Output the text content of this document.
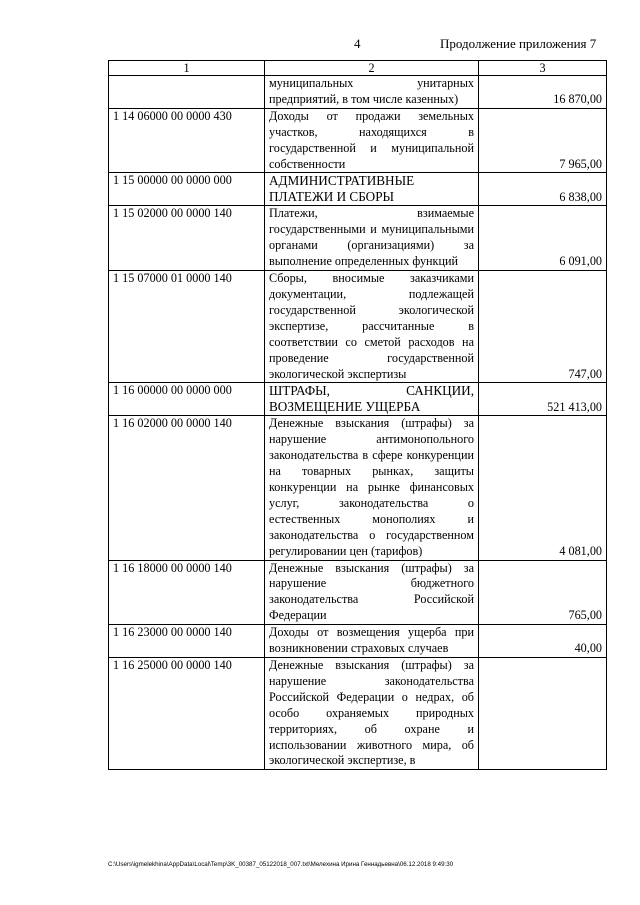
4	Продолжение приложения 7
1	2	3
	муниципальных унитарных предприятий, в том числе казенных)	16 870,00
1 14 06000 00 0000 430	Доходы от продажи земельных участков, находящихся в государственной и муниципальной собственности	7 965,00
1 15 00000 00 0000 000	АДМИНИСТРАТИВНЫЕ ПЛАТЕЖИ И СБОРЫ	6 838,00
1 15 02000 00 0000 140	Платежи, взимаемые государственными и муниципальными органами (организациями) за выполнение определенных функций	6 091,00
1 15 07000 01 0000 140	Сборы, вносимые заказчиками документации, подлежащей государственной экологической экспертизе, рассчитанные в соответствии со сметой расходов на проведение государственной экологической экспертизы	747,00
1 16 00000 00 0000 000	ШТРАФЫ, САНКЦИИ, ВОЗМЕЩЕНИЕ УЩЕРБА	521 413,00
1 16 02000 00 0000 140	Денежные взыскания (штрафы) за нарушение антимонопольного законодательства в сфере конкуренции на товарных рынках, защиты конкуренции на рынке финансовых услуг, законодательства о естественных монополиях и законодательства о государственном регулировании цен (тарифов)	4 081,00
1 16 18000 00 0000 140	Денежные взыскания (штрафы) за нарушение бюджетного законодательства Российской Федерации	765,00
1 16 23000 00 0000 140	Доходы от возмещения ущерба при возникновении страховых случаев	40,00
1 16 25000 00 0000 140	Денежные взыскания (штрафы) за нарушение законодательства Российской Федерации о недрах, об особо охраняемых природных территориях, об охране и использовании животного мира, об экологической экспертизе, в	
C:\Users\igmelekhina\AppData\Local\Temp\3K_00387_05122018_007.txt\Мелехина Ирина Геннадьевна\06.12.2018 9:49:30
